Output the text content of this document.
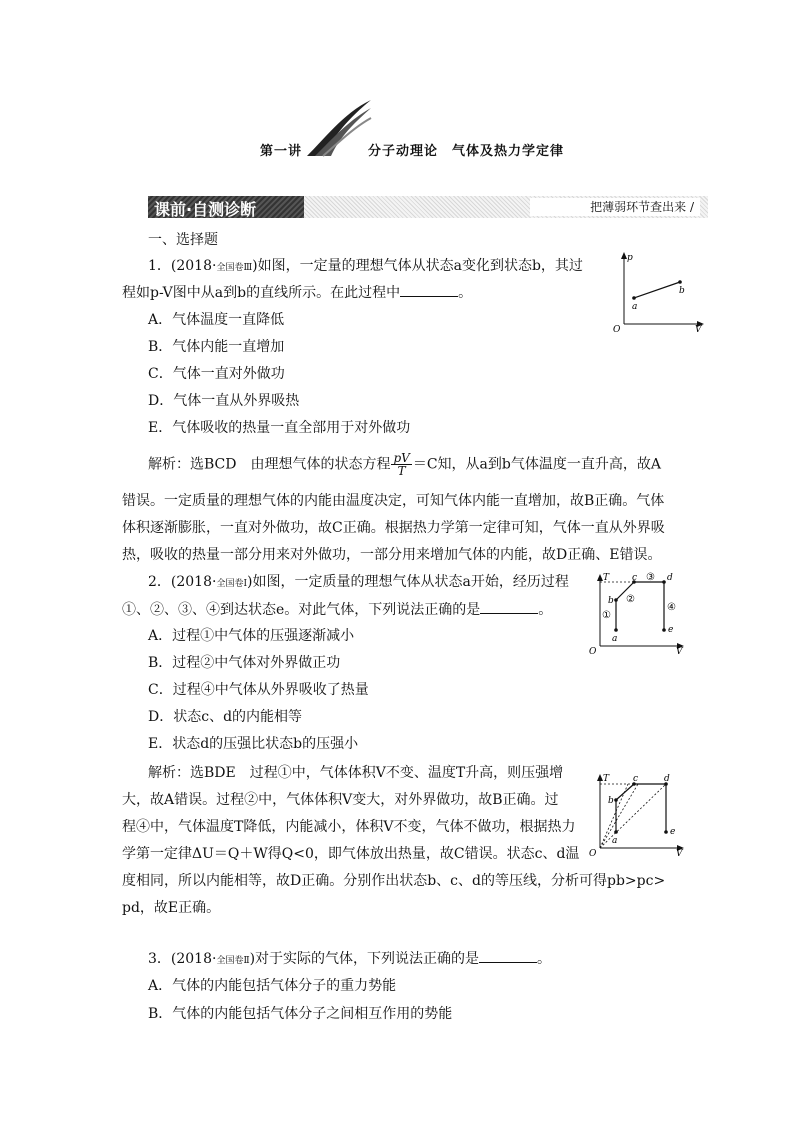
第一讲	分子动理论　气体及热力学定律
课前·自测诊断	把薄弱环节查出来 /
一、选择题
1．(2018·全国卷Ⅲ)如图，一定量的理想气体从状态a变化到状态b，其过
程如p-V图中从a到b的直线所示。在此过程中	。
A．气体温度一直降低
B．气体内能一直增加
C．气体一直对外做功
D．气体一直从外界吸热
E．气体吸收的热量一直全部用于对外做功
p
O	V
a
b
解析：选BCD　由理想气体的状态方程 $\frac{pV}{T} =C$知，从a到b气体温度一直升高，故A
错误。一定质量的理想气体的内能由温度决定，可知气体内能一直增加，故B正确。气体
体积逐渐膨胀，一直对外做功，故C正确。根据热力学第一定律可知，气体一直从外界吸
热，吸收的热量一部分用来对外做功，一部分用来增加气体的内能，故D正确、E错误。
2．(2018·全国卷Ⅰ)如图，一定质量的理想气体从状态a开始，经历过程
①、②、③、④到达状态e。对此气体，下列说法正确的是	。
A．过程①中气体的压强逐渐减小
B．过程②中气体对外界做正功
C．过程④中气体从外界吸收了热量
D．状态c、d的内能相等
E．状态d的压强比状态b的压强小
T
O	V
a
b
c	d
e
①
②
③
④
解析：选BDE　过程①中，气体体积V不变、温度T升高，则压强增
大，故A错误。过程②中，气体体积V变大，对外界做功，故B正确。过
程④中，气体温度T降低，内能减小，体积V不变，气体不做功，根据热力
学第一定律ΔU＝Q＋W得Q<0，即气体放出热量，故C错误。状态c、d温
度相同，所以内能相等，故D正确。分别作出状态b、c、d的等压线，分析可得pb>pc>
pd，故E正确。
T
O	V
a
b
c	d
e
3．(2018·全国卷Ⅱ)对于实际的气体，下列说法正确的是	。
A．气体的内能包括气体分子的重力势能
B．气体的内能包括气体分子之间相互作用的势能
